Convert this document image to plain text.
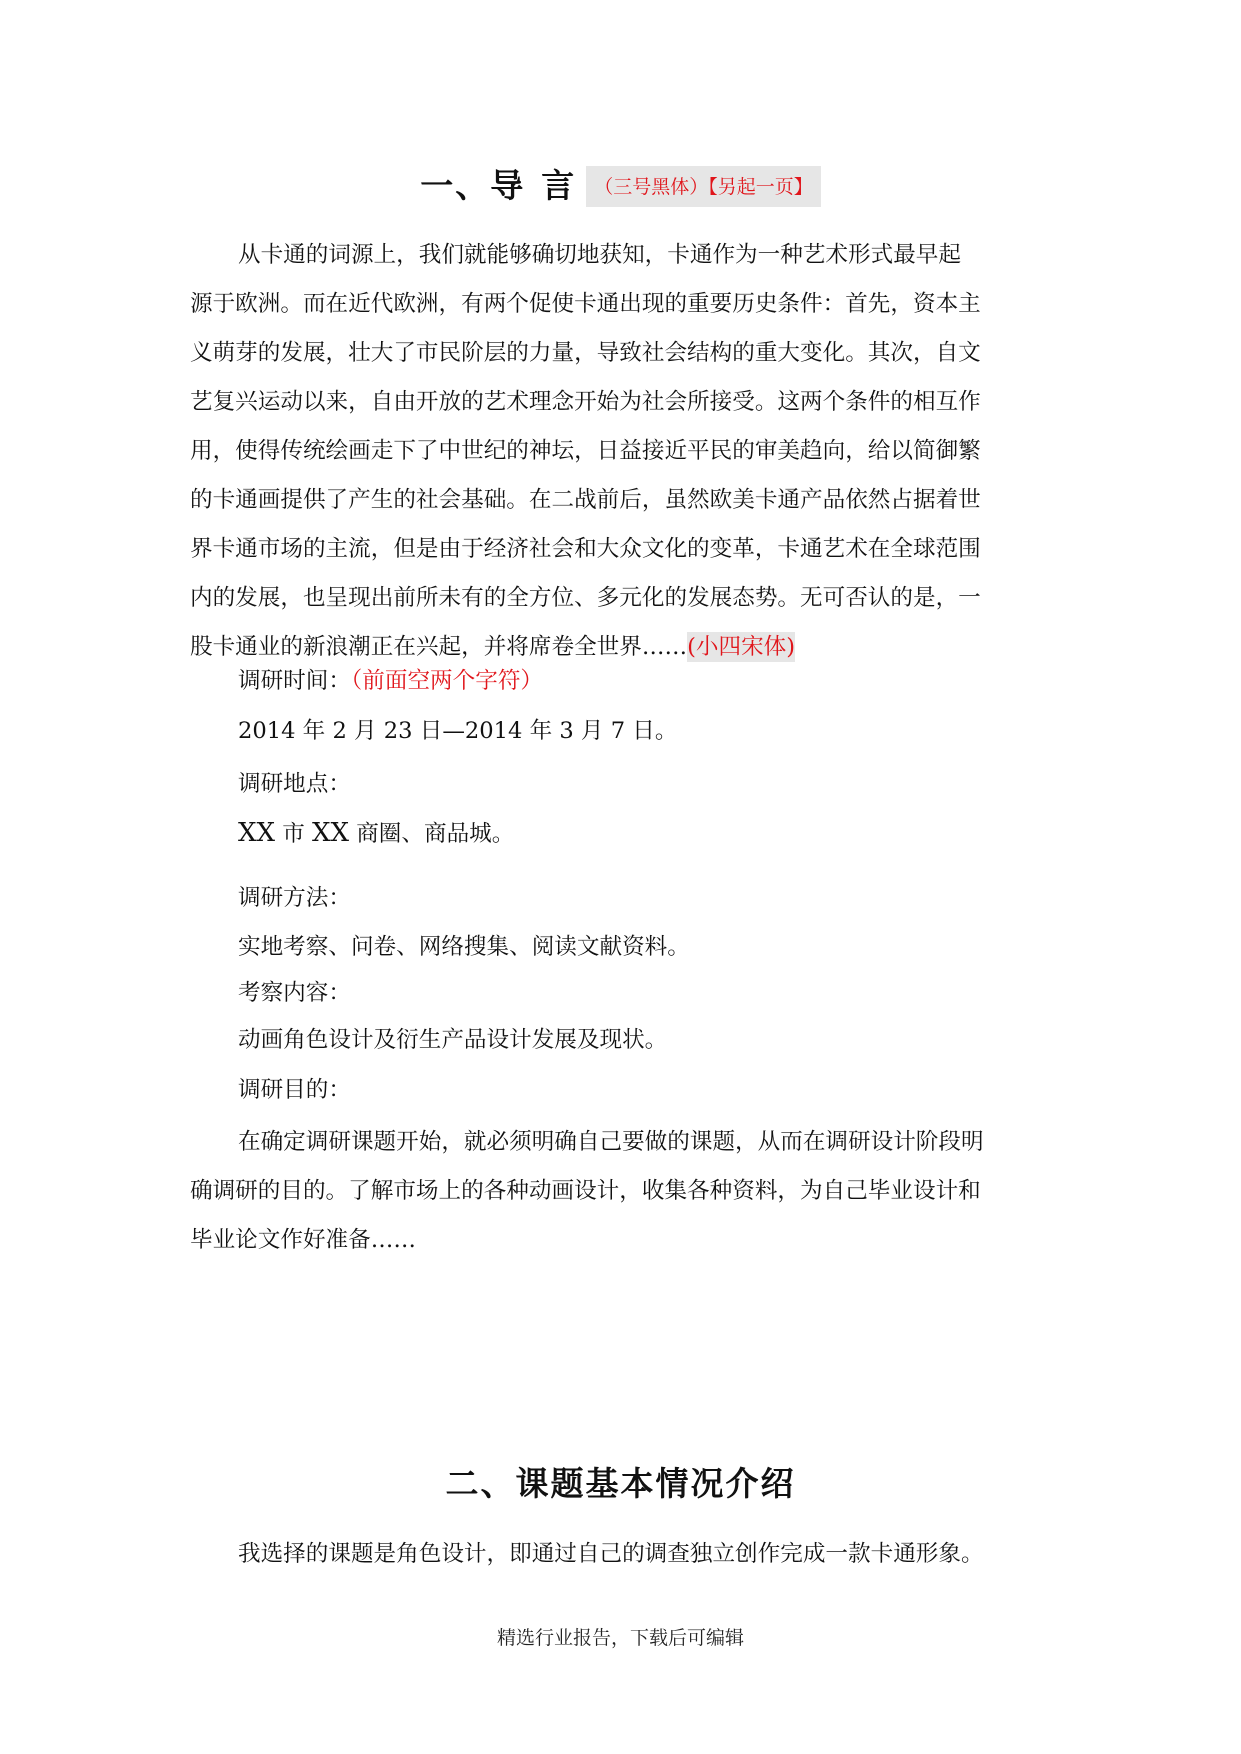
一、导 言 （三号黑体）【另起一页】
从卡通的词源上，我们就能够确切地获知，卡通作为一种艺术形式最早起
源于欧洲。而在近代欧洲，有两个促使卡通出现的重要历史条件：首先，资本主
义萌芽的发展，壮大了市民阶层的力量，导致社会结构的重大变化。其次，自文
艺复兴运动以来，自由开放的艺术理念开始为社会所接受。这两个条件的相互作
用，使得传统绘画走下了中世纪的神坛，日益接近平民的审美趋向，给以简御繁
的卡通画提供了产生的社会基础。在二战前后，虽然欧美卡通产品依然占据着世
界卡通市场的主流，但是由于经济社会和大众文化的变革，卡通艺术在全球范围
内的发展，也呈现出前所未有的全方位、多元化的发展态势。无可否认的是，一
股卡通业的新浪潮正在兴起，并将席卷全世界……(小四宋体)
调研时间：（前面空两个字符）
2014 年 2 月 23 日—2014 年 3 月 7 日。
调研地点：
XX 市 XX 商圈、商品城。
调研方法：
实地考察、问卷、网络搜集、阅读文献资料。
考察内容：
动画角色设计及衍生产品设计发展及现状。
调研目的：
在确定调研课题开始，就必须明确自己要做的课题，从而在调研设计阶段明
确调研的目的。了解市场上的各种动画设计，收集各种资料，为自己毕业设计和
毕业论文作好准备……
二、课题基本情况介绍
我选择的课题是角色设计，即通过自己的调查独立创作完成一款卡通形象。
精选行业报告，下载后可编辑
